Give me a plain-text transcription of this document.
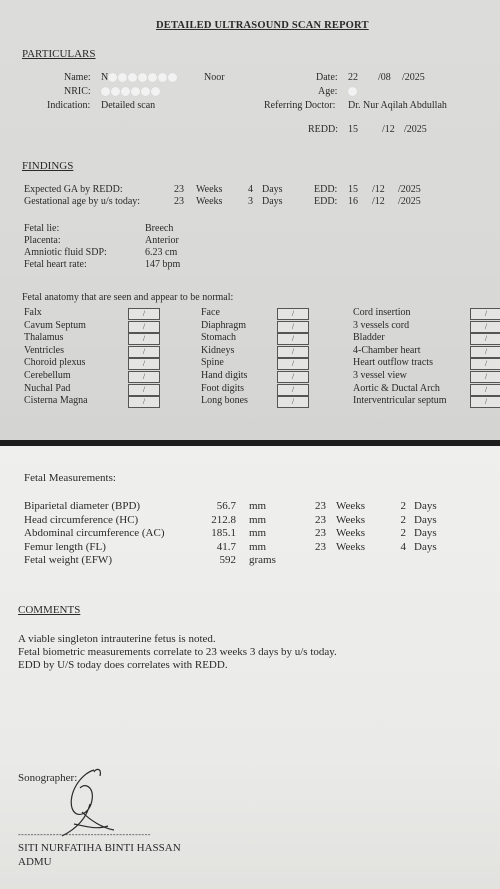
DETAILED ULTRASOUND SCAN REPORT
PARTICULARS
Name: N	Noor
NRIC:
Indication: Detailed scan
Date: 22 /08 /2025
Age:
Referring Doctor: Dr. Nur Aqilah Abdullah
REDD: 15 /12 /2025
FINDINGS
Expected GA by REDD:	23 Weeks	4 Days	EDD: 15 /12 /2025
Gestational age by u/s today:	23 Weeks	3 Days	EDD: 16 /12 /2025
Fetal lie:	Breech
Placenta:	Anterior
Amniotic fluid SDP:	6.23 cm
Fetal heart rate:	147 bpm
Fetal anatomy that are seen and appear to be normal:
Falx	/
Cavum Septum	/
Thalamus	/
Ventricles	/
Choroid plexus	/
Cerebellum	/
Nuchal Pad	/
Cisterna Magna	/
Face	/
Diaphragm	/
Stomach	/
Kidneys	/
Spine	/
Hand digits	/
Foot digits	/
Long bones	/
Cord insertion	/
3 vessels cord	/
Bladder	/
4-Chamber heart	/
Heart outflow tracts	/
3 vessel view	/
Aortic & Ductal Arch	/
Interventricular septum	/
Fetal Measurements:
Biparietal diameter (BPD)	56.7 mm	23 Weeks	2 Days
Head circumference (HC)	212.8 mm	23 Weeks	2 Days
Abdominal circumference (AC)	185.1 mm	23 Weeks	2 Days
Femur length (FL)	41.7 mm	23 Weeks	4 Days
Fetal weight (EFW)	592 grams
COMMENTS
A viable singleton intrauterine fetus is noted.
Fetal biometric measurements correlate to 23 weeks 3 days by u/s today.
EDD by U/S today does correlates with REDD.
Sonographer:
------------------------------------------
SITI NURFATIHA BINTI HASSAN
ADMU
